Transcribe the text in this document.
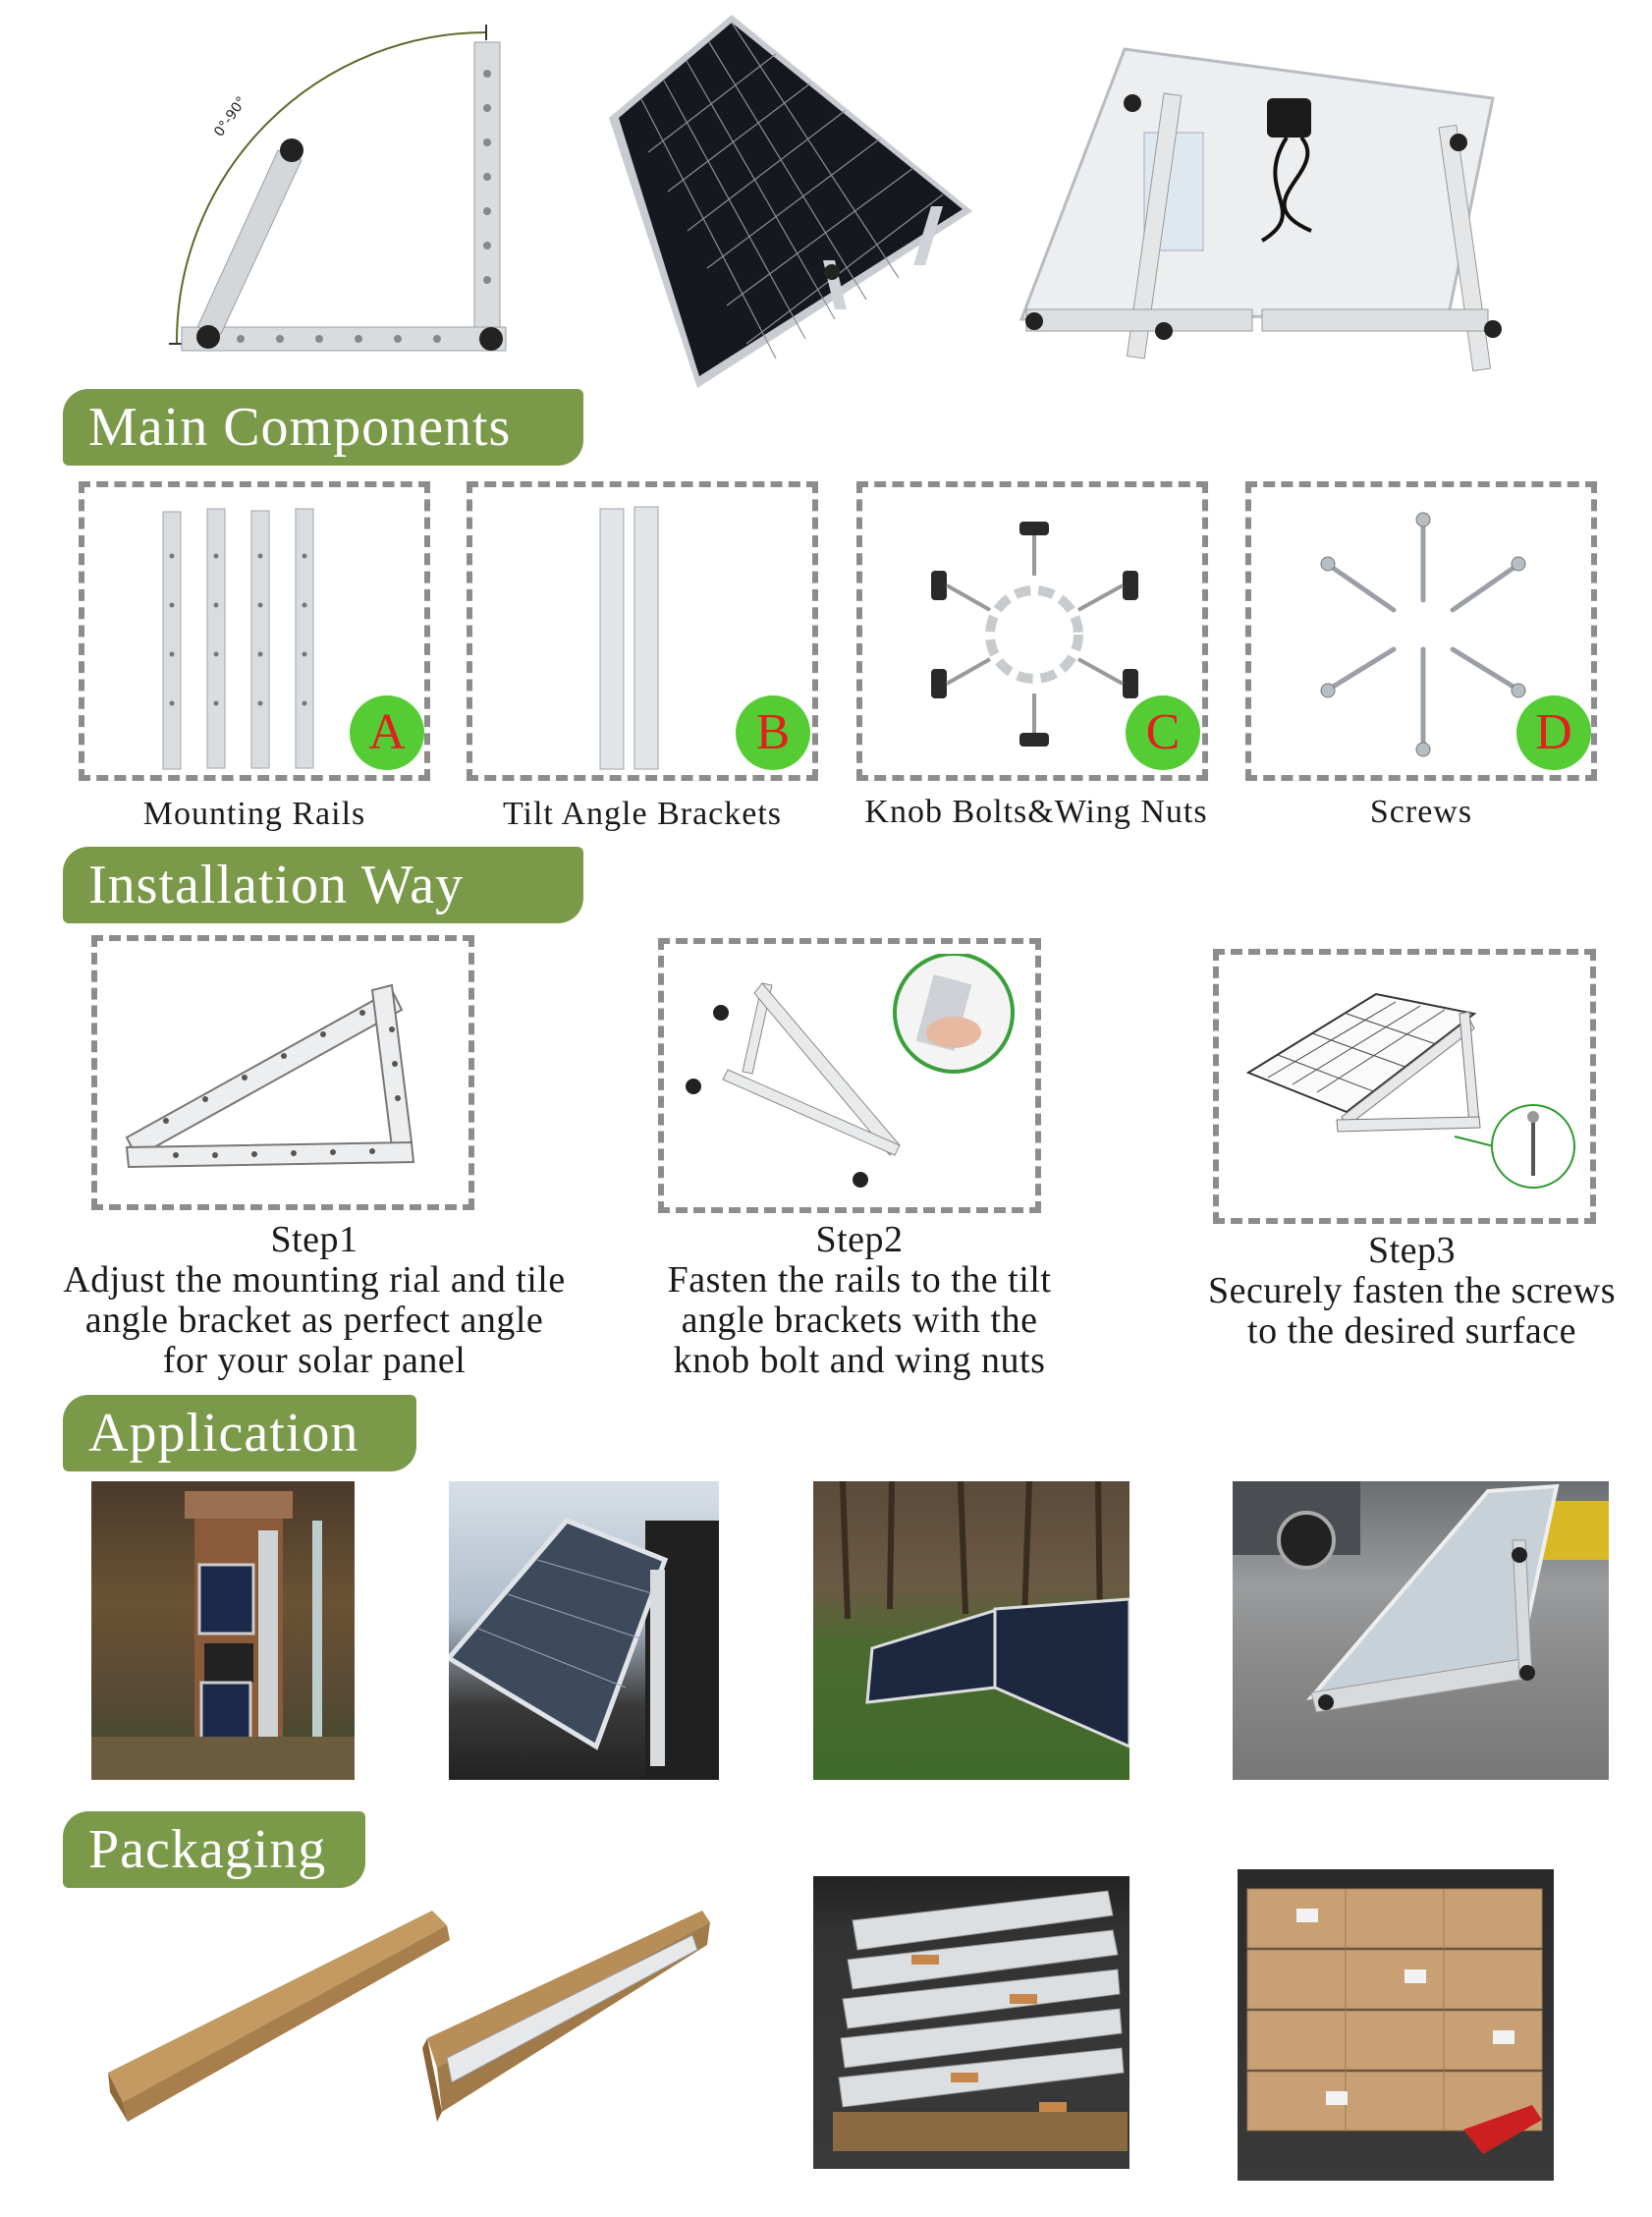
0°-90°
Main Components
A
Mounting Rails
B
Tilt Angle Brackets
C
Knob Bolts&Wing Nuts
D
Screws
Installation Way
Step1
Adjust the mounting rial and tile
angle bracket as perfect angle
for your solar panel
Step2
Fasten the rails to the tilt
angle brackets with the
knob bolt and wing nuts
Step3
Securely fasten the screws
to the desired surface
Application
Packaging
